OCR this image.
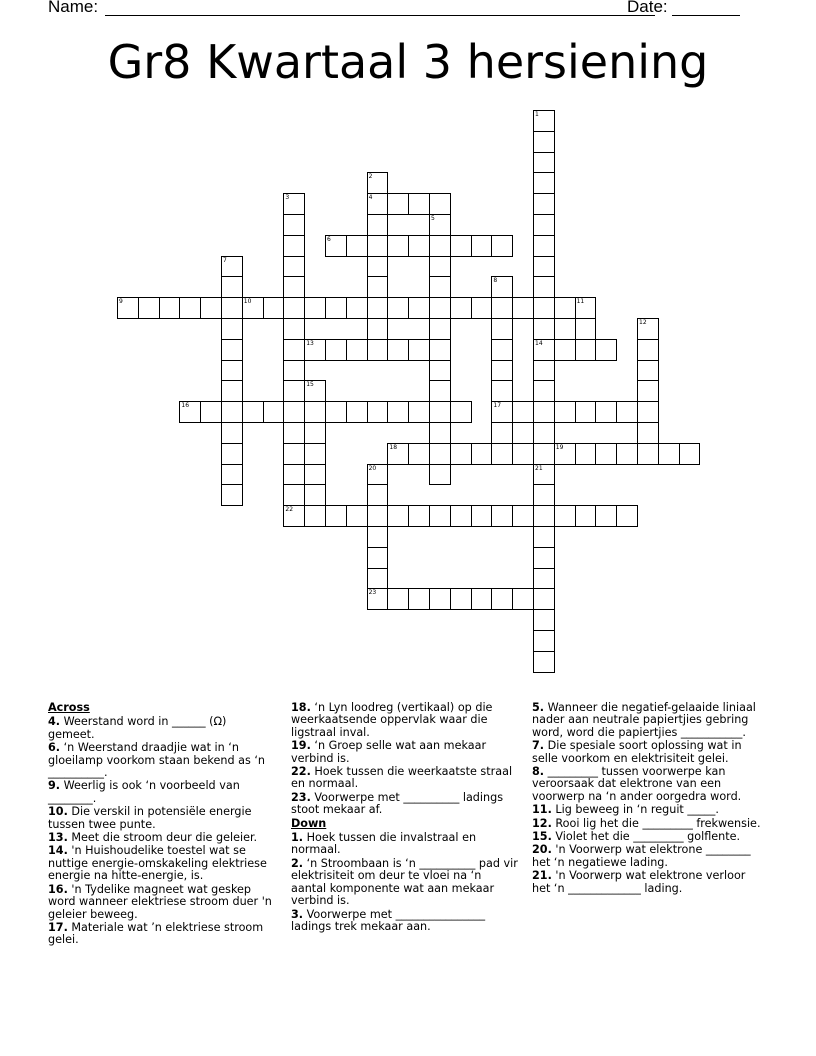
Name:	Date:
Gr8 Kwartaal 3 hersiening
1
14
21
2
4
3
5
6
7
8
17
9	10	11
12
13
15
16
18	19
20
22
23
Across
4. Weerstand word in ______ (Ω) gemeet.
6. ‘n Weerstand draadjie wat in ‘n gloeilamp voorkom staan bekend as ‘n __________.
9. Weerlig is ook ‘n voorbeeld van ________.
10. Die verskil in potensiële energie tussen twee punte.
13. Meet die stroom deur die geleier.
14. 'n Huishoudelike toestel wat se nuttige energie-omskakeling elektriese energie na hitte-energie, is.
16. 'n Tydelike magneet wat geskep word wanneer elektriese stroom duer 'n geleier beweeg.
17. Materiale wat ’n elektriese stroom gelei.
18. ‘n Lyn loodreg (vertikaal) op die weerkaatsende oppervlak waar die ligstraal inval.
19. ‘n Groep selle wat aan mekaar verbind is.
22. Hoek tussen die weerkaatste straal en normaal.
23. Voorwerpe met __________ ladings stoot mekaar af.
Down
1. Hoek tussen die invalstraal en normaal.
2. ‘n Stroombaan is ‘n __________ pad vir elektrisiteit om deur te vloei na ‘n aantal komponente wat aan mekaar verbind is.
3. Voorwerpe met ________________ ladings trek mekaar aan.
5. Wanneer die negatief-gelaaide liniaal nader aan neutrale papiertjies gebring word, word die papiertjies ___________.
7. Die spesiale soort oplossing wat in selle voorkom en elektrisiteit gelei.
8. _________ tussen voorwerpe kan veroorsaak dat elektrone van een voorwerp na ‘n ander oorgedra word.
11. Lig beweeg in ‘n reguit _____.
12. Rooi lig het die _________ frekwensie.
15. Violet het die _________ golflente.
20. 'n Voorwerp wat elektrone ________ het ‘n negatiewe lading.
21. 'n Voorwerp wat elektrone verloor het ‘n _____________ lading.
